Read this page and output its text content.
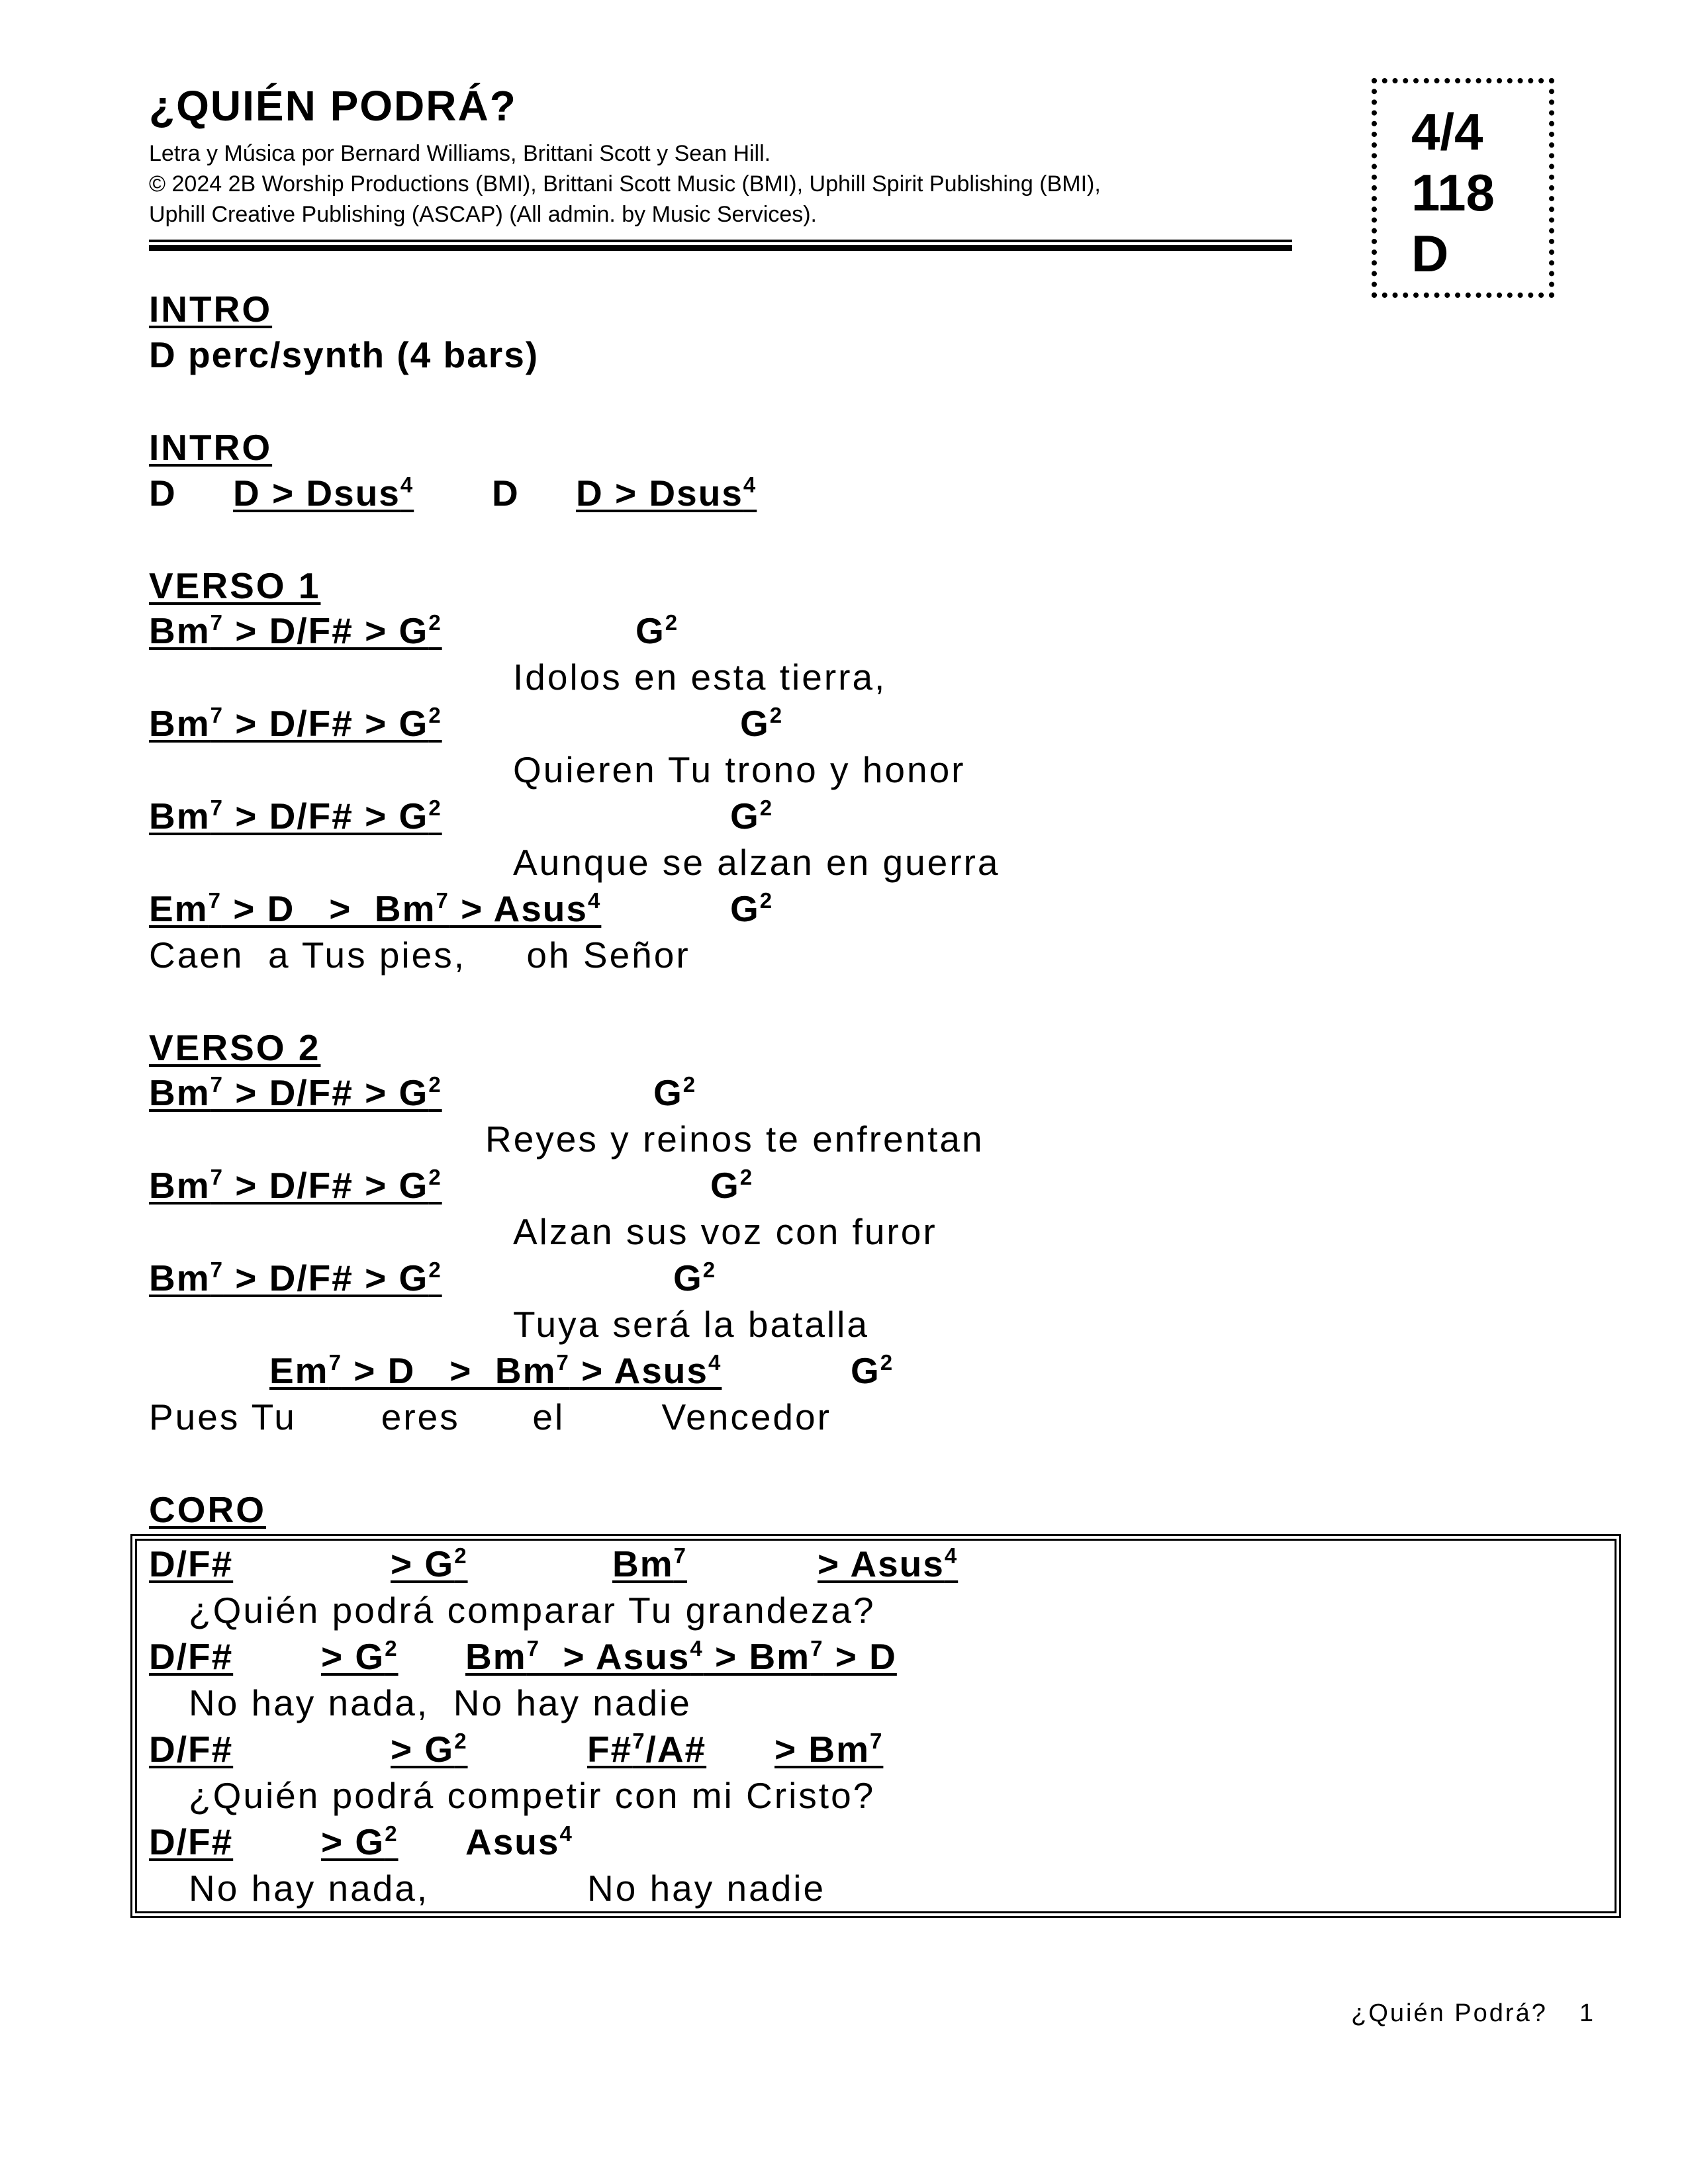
¿QUIÉN PODRÁ?
Letra y Música por Bernard Williams, Brittani Scott y Sean Hill.
© 2024 2B Worship Productions (BMI), Brittani Scott Music (BMI), Uphill Spirit Publishing (BMI),
Uphill Creative Publishing (ASCAP) (All admin. by Music Services).
4/4
118
D
INTRO
D perc/synth (4 bars)
INTRO
D D > Dsus$^4$ D D > Dsus$^4$
VERSO 1
$Bm^7$ > D/F# > $G^2$	$G^2$
Idolos en esta tierra,
$Bm^7$ > D/F# > $G^2$	$G^2$
Quieren Tu trono y honor
$Bm^7$ > D/F# > $G^2$	$G^2$
Aunque se alzan en guerra
$Em^7 > D > Bm^7$ > Asus$^4$	$G^2$
Caen  a Tus pies,     oh Señor
VERSO 2
$Bm^7$ > D/F# > $G^2$	$G^2$
Reyes y reinos te enfrentan
$Bm^7$ > D/F# > $G^2$	$G^2$
Alzan sus voz con furor
$Bm^7$ > D/F# > $G^2$	$G^2$
Tuya será la batalla
$Em^7 > D > Bm^7$ > Asus$^4$	$G^2$
Pues Tu       eres      el        Vencedor
CORO
D/F#	> $G^2$	$Bm^7$	> Asus$^4$
¿Quién podrá comparar Tu grandeza?
D/F# > $G^2$ Bm$^7$  > Asus$^4$ > $Bm^7 > D$
No hay nada,  No hay nadie
D/F#	> $G^2$	F#$^7$/A# > $Bm^7$
¿Quién podrá competir con mi Cristo?
D/F# > $G^2$ Asus$^4$
No hay nada,	No hay nadie
¿Quién Podrá? 1
